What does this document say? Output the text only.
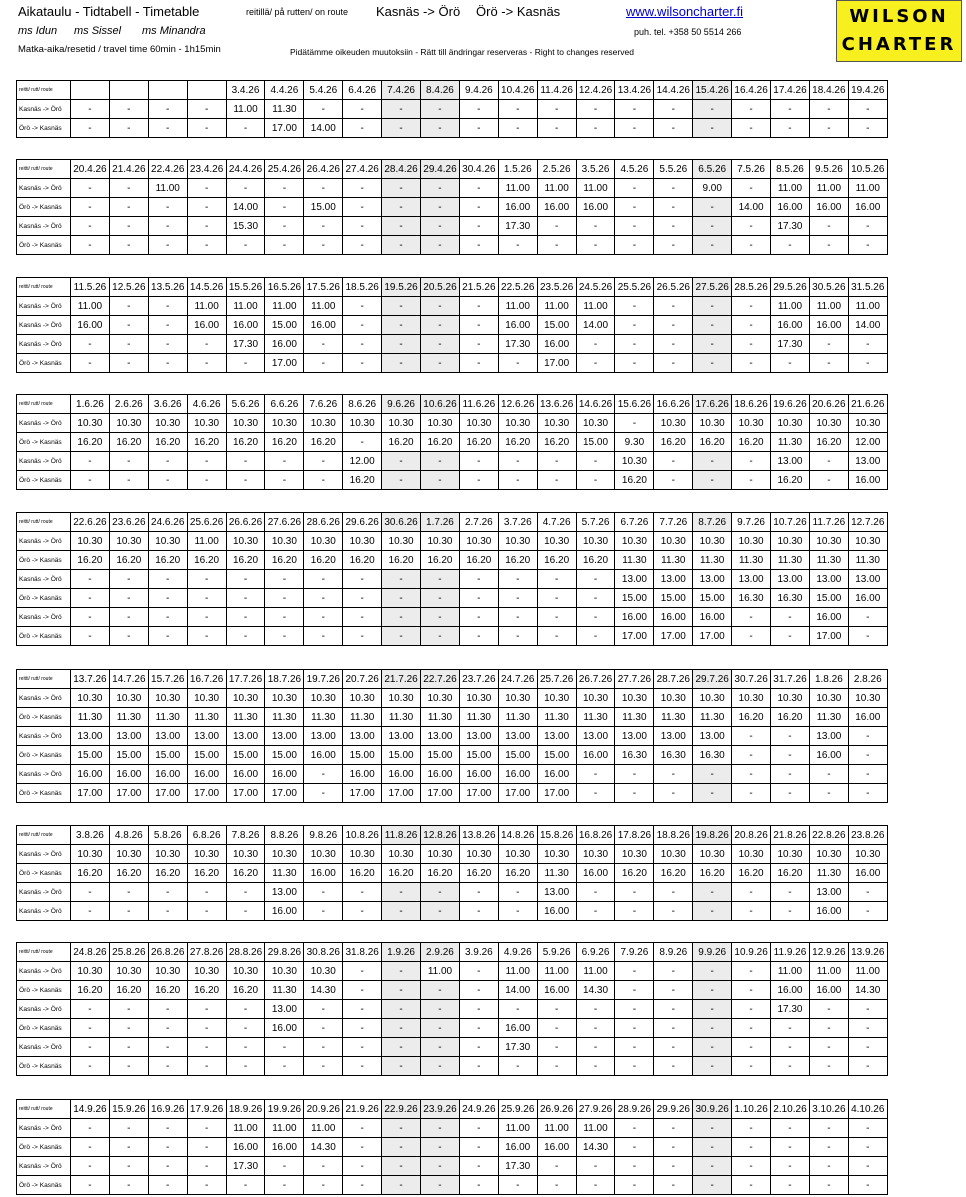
Aikataulu - Tidtabell - Timetable	reitillä/ på rutten/ on route Kasnäs -> Örö Örö -> Kasnäs	www.wilsoncharter.fi
ms Idun ms Sissel ms Minandra	puh. tel. +358 50 5514 266
Matka-aika/resetid / travel time 60min - 1h15min	Pidätämme oikeuden muutoksiin - Rätt till ändringar reserveras - Right to changes reserved
WILSON
CHARTER
reitti/ rutt/ route					3.4.26	4.4.26	5.4.26	6.4.26	7.4.26	8.4.26	9.4.26	10.4.26	11.4.26	12.4.26	13.4.26	14.4.26	15.4.26	16.4.26	17.4.26	18.4.26	19.4.26
Kasnäs -> Örö	-	-	-	-	11.00	11.30	-	-	-	-	-	-	-	-	-	-	-	-	-	-	-
Örö -> Kasnäs	-	-	-	-	-	17.00	14.00	-	-	-	-	-	-	-	-	-	-	-	-	-	-
reitti/ rutt/ route	20.4.26	21.4.26	22.4.26	23.4.26	24.4.26	25.4.26	26.4.26	27.4.26	28.4.26	29.4.26	30.4.26	1.5.26	2.5.26	3.5.26	4.5.26	5.5.26	6.5.26	7.5.26	8.5.26	9.5.26	10.5.26
Kasnäs -> Örö	-	-	11.00	-	-	-	-	-	-	-	-	11.00	11.00	11.00	-	-	9.00	-	11.00	11.00	11.00
Örö -> Kasnäs	-	-	-	-	14.00	-	15.00	-	-	-	-	16.00	16.00	16.00	-	-	-	14.00	16.00	16.00	16.00
Kasnäs -> Örö	-	-	-	-	15.30	-	-	-	-	-	-	17.30	-	-	-	-	-	-	17.30	-	-
Örö -> Kasnäs	-	-	-	-	-	-	-	-	-	-	-	-	-	-	-	-	-	-	-	-	-
reitti/ rutt/ route	11.5.26	12.5.26	13.5.26	14.5.26	15.5.26	16.5.26	17.5.26	18.5.26	19.5.26	20.5.26	21.5.26	22.5.26	23.5.26	24.5.26	25.5.26	26.5.26	27.5.26	28.5.26	29.5.26	30.5.26	31.5.26
Kasnäs -> Örö	11.00	-	-	11.00	11.00	11.00	11.00	-	-	-	-	11.00	11.00	11.00	-	-	-	-	11.00	11.00	11.00
Kasnäs -> Örö	16.00	-	-	16.00	16.00	15.00	16.00	-	-	-	-	16.00	15.00	14.00	-	-	-	-	16.00	16.00	14.00
Kasnäs -> Örö	-	-	-	-	17.30	16.00	-	-	-	-	-	17.30	16.00	-	-	-	-	-	17.30	-	-
Örö -> Kasnäs	-	-	-	-	-	17.00	-	-	-	-	-	-	17.00	-	-	-	-	-	-	-	-
reitti/ rutt/ route	1.6.26	2.6.26	3.6.26	4.6.26	5.6.26	6.6.26	7.6.26	8.6.26	9.6.26	10.6.26	11.6.26	12.6.26	13.6.26	14.6.26	15.6.26	16.6.26	17.6.26	18.6.26	19.6.26	20.6.26	21.6.26
Kasnäs -> Örö	10.30	10.30	10.30	10.30	10.30	10.30	10.30	10.30	10.30	10.30	10.30	10.30	10.30	10.30	-	10.30	10.30	10.30	10.30	10.30	10.30
Örö -> Kasnäs	16.20	16.20	16.20	16.20	16.20	16.20	16.20	-	16.20	16.20	16.20	16.20	16.20	15.00	9.30	16.20	16.20	16.20	11.30	16.20	12.00
Kasnäs -> Örö	-	-	-	-	-	-	-	12.00	-	-	-	-	-	-	10.30	-	-	-	13.00	-	13.00
Örö -> Kasnäs	-	-	-	-	-	-	-	16.20	-	-	-	-	-	-	16.20	-	-	-	16.20	-	16.00
reitti/ rutt/ route	22.6.26	23.6.26	24.6.26	25.6.26	26.6.26	27.6.26	28.6.26	29.6.26	30.6.26	1.7.26	2.7.26	3.7.26	4.7.26	5.7.26	6.7.26	7.7.26	8.7.26	9.7.26	10.7.26	11.7.26	12.7.26
Kasnäs -> Örö	10.30	10.30	10.30	11.00	10.30	10.30	10.30	10.30	10.30	10.30	10.30	10.30	10.30	10.30	10.30	10.30	10.30	10.30	10.30	10.30	10.30
Örö -> Kasnäs	16.20	16.20	16.20	16.20	16.20	16.20	16.20	16.20	16.20	16.20	16.20	16.20	16.20	16.20	11.30	11.30	11.30	11.30	11.30	11.30	11.30
Kasnäs -> Örö	-	-	-	-	-	-	-	-	-	-	-	-	-	-	13.00	13.00	13.00	13.00	13.00	13.00	13.00
Örö -> Kasnäs	-	-	-	-	-	-	-	-	-	-	-	-	-	-	15.00	15.00	15.00	16.30	16.30	15.00	16.00
Kasnäs -> Örö	-	-	-	-	-	-	-	-	-	-	-	-	-	-	16.00	16.00	16.00	-	-	16.00	-
Örö -> Kasnäs	-	-	-	-	-	-	-	-	-	-	-	-	-	-	17.00	17.00	17.00	-	-	17.00	-
reitti/ rutt/ route	13.7.26	14.7.26	15.7.26	16.7.26	17.7.26	18.7.26	19.7.26	20.7.26	21.7.26	22.7.26	23.7.26	24.7.26	25.7.26	26.7.26	27.7.26	28.7.26	29.7.26	30.7.26	31.7.26	1.8.26	2.8.26
Kasnäs -> Örö	10.30	10.30	10.30	10.30	10.30	10.30	10.30	10.30	10.30	10.30	10.30	10.30	10.30	10.30	10.30	10.30	10.30	10.30	10.30	10.30	10.30
Örö -> Kasnäs	11.30	11.30	11.30	11.30	11.30	11.30	11.30	11.30	11.30	11.30	11.30	11.30	11.30	11.30	11.30	11.30	11.30	16.20	16.20	11.30	16.00
Kasnäs -> Örö	13.00	13.00	13.00	13.00	13.00	13.00	13.00	13.00	13.00	13.00	13.00	13.00	13.00	13.00	13.00	13.00	13.00	-	-	13.00	-
Örö -> Kasnäs	15.00	15.00	15.00	15.00	15.00	15.00	16.00	15.00	15.00	15.00	15.00	15.00	15.00	16.00	16.30	16.30	16.30	-	-	16.00	-
Kasnäs -> Örö	16.00	16.00	16.00	16.00	16.00	16.00	-	16.00	16.00	16.00	16.00	16.00	16.00	-	-	-	-	-	-	-	-
Örö -> Kasnäs	17.00	17.00	17.00	17.00	17.00	17.00	-	17.00	17.00	17.00	17.00	17.00	17.00	-	-	-	-	-	-	-	-
reitti/ rutt/ route	3.8.26	4.8.26	5.8.26	6.8.26	7.8.26	8.8.26	9.8.26	10.8.26	11.8.26	12.8.26	13.8.26	14.8.26	15.8.26	16.8.26	17.8.26	18.8.26	19.8.26	20.8.26	21.8.26	22.8.26	23.8.26
Kasnäs -> Örö	10.30	10.30	10.30	10.30	10.30	10.30	10.30	10.30	10.30	10.30	10.30	10.30	10.30	10.30	10.30	10.30	10.30	10.30	10.30	10.30	10.30
Örö -> Kasnäs	16.20	16.20	16.20	16.20	16.20	11.30	16.00	16.20	16.20	16.20	16.20	16.20	11.30	16.00	16.20	16.20	16.20	16.20	16.20	11.30	16.00
Kasnäs -> Örö	-	-	-	-	-	13.00	-	-	-	-	-	-	13.00	-	-	-	-	-	-	13.00	-
Kasnäs -> Örö	-	-	-	-	-	16.00	-	-	-	-	-	-	16.00	-	-	-	-	-	-	16.00	-
reitti/ rutt/ route	24.8.26	25.8.26	26.8.26	27.8.26	28.8.26	29.8.26	30.8.26	31.8.26	1.9.26	2.9.26	3.9.26	4.9.26	5.9.26	6.9.26	7.9.26	8.9.26	9.9.26	10.9.26	11.9.26	12.9.26	13.9.26
Kasnäs -> Örö	10.30	10.30	10.30	10.30	10.30	10.30	10.30	-	-	11.00	-	11.00	11.00	11.00	-	-	-	-	11.00	11.00	11.00
Örö -> Kasnäs	16.20	16.20	16.20	16.20	16.20	11.30	14.30	-	-	-	-	14.00	16.00	14.30	-	-	-	-	16.00	16.00	14.30
Kasnäs -> Örö	-	-	-	-	-	13.00	-	-	-	-	-	-	-	-	-	-	-	-	17.30	-	-
Örö -> Kasnäs	-	-	-	-	-	16.00	-	-	-	-	-	16.00	-	-	-	-	-	-	-	-	-
Kasnäs -> Örö	-	-	-	-	-	-	-	-	-	-	-	17.30	-	-	-	-	-	-	-	-	-
Örö -> Kasnäs	-	-	-	-	-	-	-	-	-	-	-	-	-	-	-	-	-	-	-	-	-
reitti/ rutt/ route	14.9.26	15.9.26	16.9.26	17.9.26	18.9.26	19.9.26	20.9.26	21.9.26	22.9.26	23.9.26	24.9.26	25.9.26	26.9.26	27.9.26	28.9.26	29.9.26	30.9.26	1.10.26	2.10.26	3.10.26	4.10.26
Kasnäs -> Örö	-	-	-	-	11.00	11.00	11.00	-	-	-	-	11.00	11.00	11.00	-	-	-	-	-	-	-
Örö -> Kasnäs	-	-	-	-	16.00	16.00	14.30	-	-	-	-	16.00	16.00	14.30	-	-	-	-	-	-	-
Kasnäs -> Örö	-	-	-	-	17.30	-	-	-	-	-	-	17.30	-	-	-	-	-	-	-	-	-
Örö -> Kasnäs	-	-	-	-	-	-	-	-	-	-	-	-	-	-	-	-	-	-	-	-	-
